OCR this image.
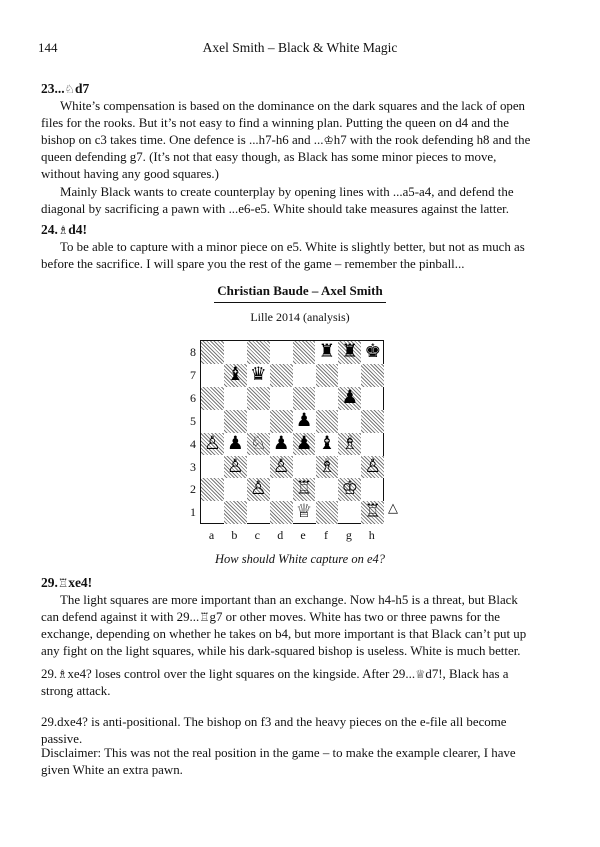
144	Axel Smith – Black & White Magic

23...♘d7

White’s compensation is based on the dominance on the dark squares and the lack of open files for the rooks. But it’s not easy to find a winning plan. Putting the queen on d4 and the bishop on c3 takes time. One defence is ...h7-h6 and ...♔h7 with the rook defending h8 and the queen defending g7. (It’s not that easy though, as Black has some minor pieces to move, without having any good squares.)

Mainly Black wants to create counterplay by opening lines with ...a5-a4, and defend the diagonal by sacrificing a pawn with ...e6-e5. White should take measures against the latter.

24.♗d4!

To be able to capture with a minor piece on e5. White is slightly better, but not as much as before the sacrifice. I will spare you the rest of the game – remember the pinball...

Christian Baude – Axel Smith
Lille 2014 (analysis)
♜ ♜ ♚
♝ ♛
♟
♟
♙ ♟ ♘ ♟ ♟ ♝ ♗
♙ ♙ ♗ ♙
♙ ♖ ♔
♕	♖
8
7
6
5
4
3
2
1
a	b	c	d	e	f	g	h
△
How should White capture on e4?

29.♖xe4!

The light squares are more important than an exchange. Now h4-h5 is a threat, but Black can defend against it with 29...♖g7 or other moves. White has two or three pawns for the exchange, depending on whether he takes on b4, but more important is that Black can’t put up any fight on the light squares, while his dark-squared bishop is useless. White is much better.

29.♗xe4? loses control over the light squares on the kingside. After 29...♕d7!, Black has a strong attack.

29.dxe4? is anti-positional. The bishop on f3 and the heavy pieces on the e-file all become passive.

Disclaimer: This was not the real position in the game – to make the example clearer, I have given White an extra pawn.
